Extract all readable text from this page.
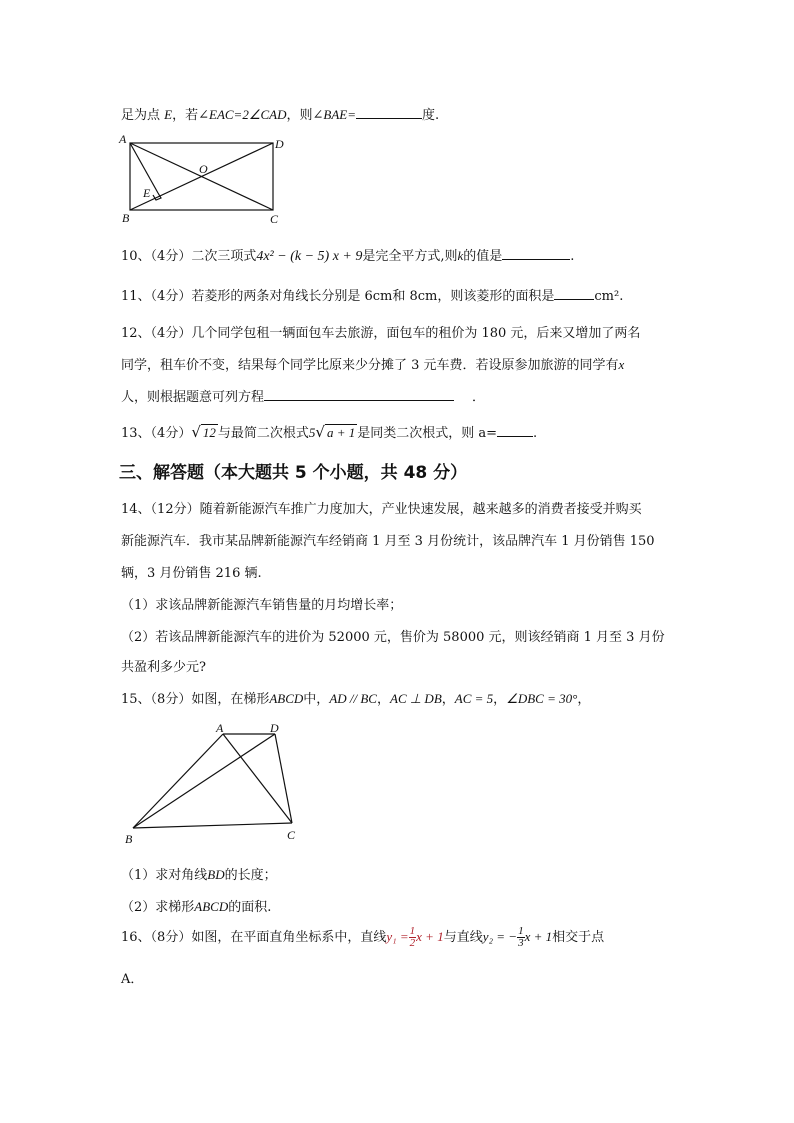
足为点 E，若∠EAC=2∠CAD，则∠BAE=	度.
A	D
O
E
B	C
10、（4分）二次三项式4x² − (k − 5) x + 9是完全平方式,则k的值是	.
11、（4分）若菱形的两条对角线长分别是 6cm和 8cm，则该菱形的面积是	cm².
12、（4分）几个同学包租一辆面包车去旅游，面包车的租价为 180 元，后来又增加了两名
同学，租车价不变，结果每个同学比原来少分摊了 3 元车费．若设原参加旅游的同学有x
人，则根据题意可列方程	．
13、（4分）√ 12 与最简二次根式5√ a + 1 是同类二次根式，则 a=	.
三、解答题（本大题共 5 个小题，共 48 分）
14、（12分）随着新能源汽车推广力度加大，产业快速发展，越来越多的消费者接受并购买
新能源汽车．我市某品牌新能源汽车经销商 1 月至 3 月份统计，该品牌汽车 1 月份销售 150
辆，3 月份销售 216 辆.
（1）求该品牌新能源汽车销售量的月均增长率；
（2）若该品牌新能源汽车的进价为 52000 元，售价为 58000 元，则该经销商 1 月至 3 月份
共盈利多少元?
15、（8分）如图，在梯形ABCD中，AD // BC，AC ⊥ DB，AC = 5，∠DBC = 30°，
A	D
B	C
（1）求对角线BD的长度；
（2）求梯形ABCD的面积.
16、（8分）如图，在平面直角坐标系中，直线$y_1 = \frac{1}{2}$ x + 1与直线y₂ = − $\frac{1}{3}$ x + 1相交于点
A．
